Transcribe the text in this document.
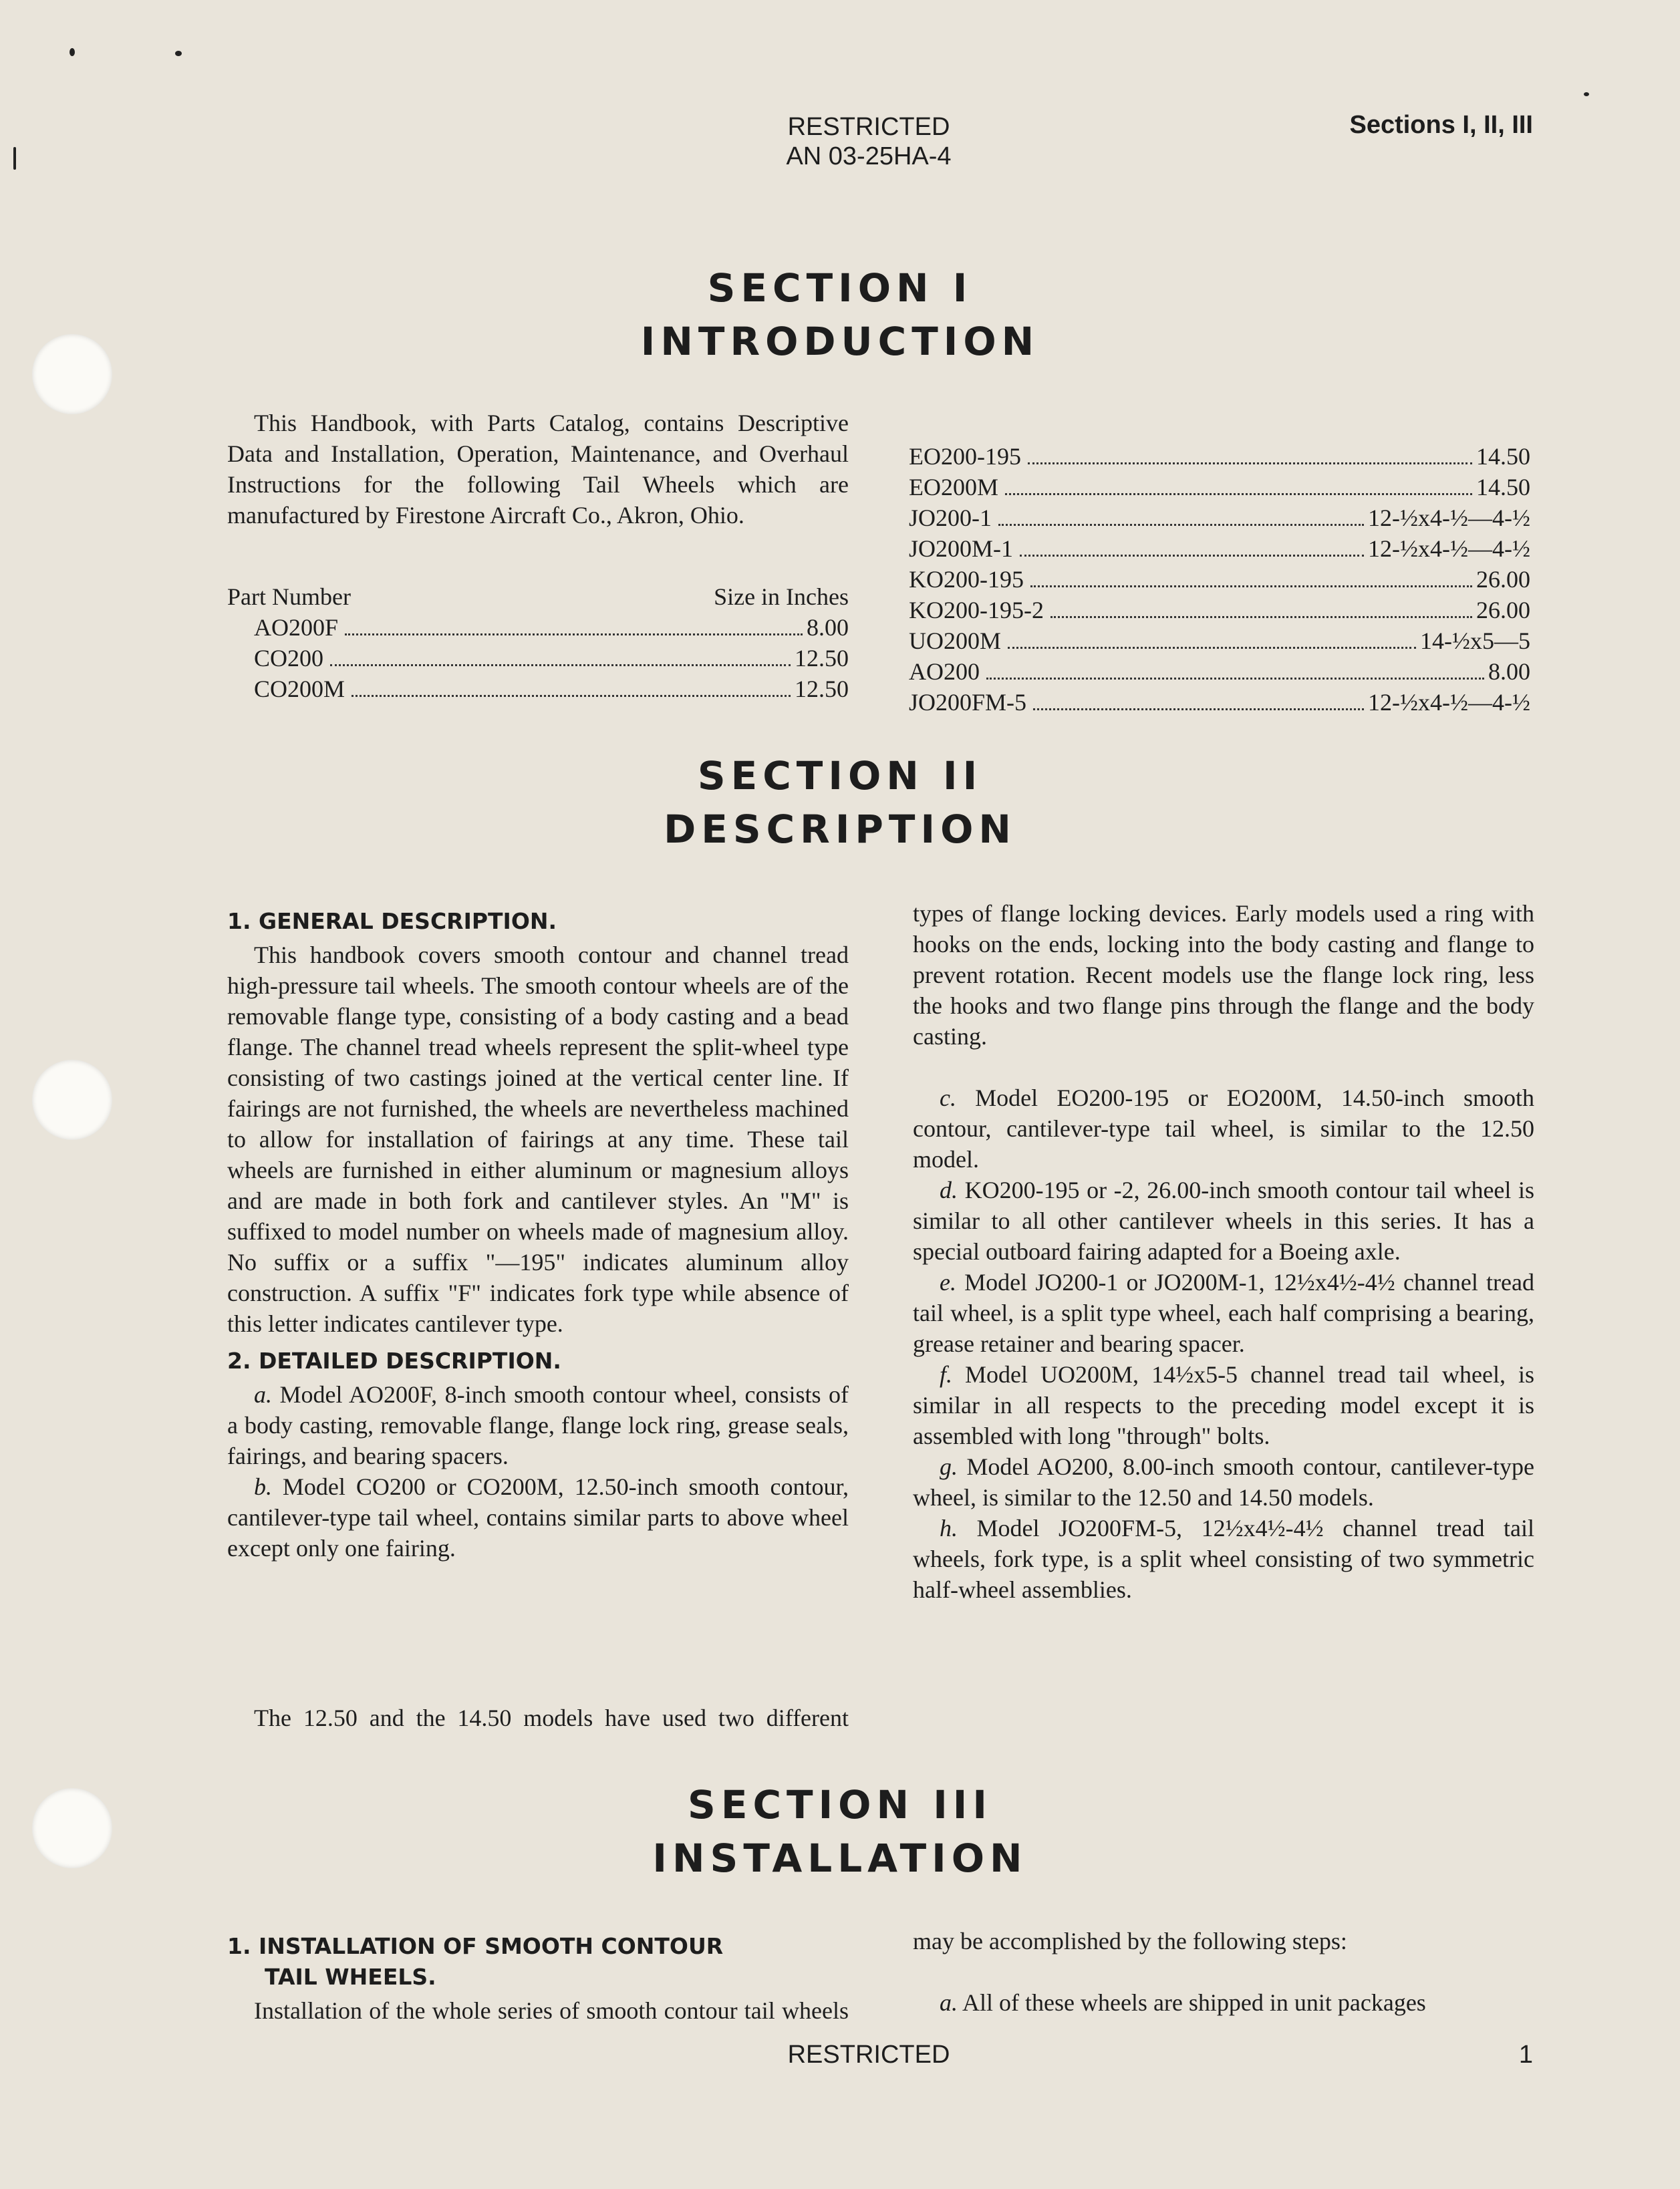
RESTRICTED
AN 03-25HA-4
Sections I, II, III
SECTION I
INTRODUCTION

This Handbook, with Parts Catalog, contains Descriptive Data and Installation, Operation, Maintenance, and Overhaul Instructions for the following Tail Wheels which are manufactured by Firestone Aircraft Co., Akron, Ohio.

Part Number	Size in Inches
AO200F	8.00
CO200	12.50
CO200M	12.50
EO200-195	14.50
EO200M	14.50
JO200-1	12-½x4-½—4-½
JO200M-1	12-½x4-½—4-½
KO200-195	26.00
KO200-195-2	26.00
UO200M	14-½x5—5
AO200	8.00
JO200FM-5	12-½x4-½—4-½
SECTION II
DESCRIPTION
1. GENERAL DESCRIPTION.

This handbook covers smooth contour and channel tread high-pressure tail wheels. The smooth contour wheels are of the removable flange type, consisting of a body casting and a bead flange. The channel tread wheels represent the split-wheel type consisting of two castings joined at the vertical center line. If fairings are not furnished, the wheels are nevertheless machined to allow for installation of fairings at any time. These tail wheels are furnished in either aluminum or magnesium alloys and are made in both fork and cantilever styles. An "M" is suffixed to model number on wheels made of magnesium alloy. No suffix or a suffix "—195" indicates aluminum alloy construction. A suffix "F" indicates fork type while absence of this letter indicates cantilever type.

2. DETAILED DESCRIPTION.

a. Model AO200F, 8-inch smooth contour wheel, consists of a body casting, removable flange, flange lock ring, grease seals, fairings, and bearing spacers.

b. Model CO200 or CO200M, 12.50-inch smooth contour, cantilever-type tail wheel, contains similar parts to above wheel except only one fairing.

The 12.50 and the 14.50 models have used two different

types of flange locking devices. Early models used a ring with hooks on the ends, locking into the body casting and flange to prevent rotation. Recent models use the flange lock ring, less the hooks and two flange pins through the flange and the body casting.

c. Model EO200-195 or EO200M, 14.50-inch smooth contour, cantilever-type tail wheel, is similar to the 12.50 model.

d. KO200-195 or -2, 26.00-inch smooth contour tail wheel is similar to all other cantilever wheels in this series. It has a special outboard fairing adapted for a Boeing axle.

e. Model JO200-1 or JO200M-1, 12½x4½-4½ channel tread tail wheel, is a split type wheel, each half comprising a bearing, grease retainer and bearing spacer.

f. Model UO200M, 14½x5-5 channel tread tail wheel, is similar in all respects to the preceding model except it is assembled with long "through" bolts.

g. Model AO200, 8.00-inch smooth contour, cantilever-type wheel, is similar to the 12.50 and 14.50 models.

h. Model JO200FM-5, 12½x4½-4½ channel tread tail wheels, fork type, is a split wheel consisting of two symmetric half-wheel assemblies.

SECTION III
INSTALLATION
1. INSTALLATION OF SMOOTH CONTOUR
TAIL WHEELS.

Installation of the whole series of smooth contour tail wheels

may be accomplished by the following steps:

a. All of these wheels are shipped in unit packages

RESTRICTED	1
